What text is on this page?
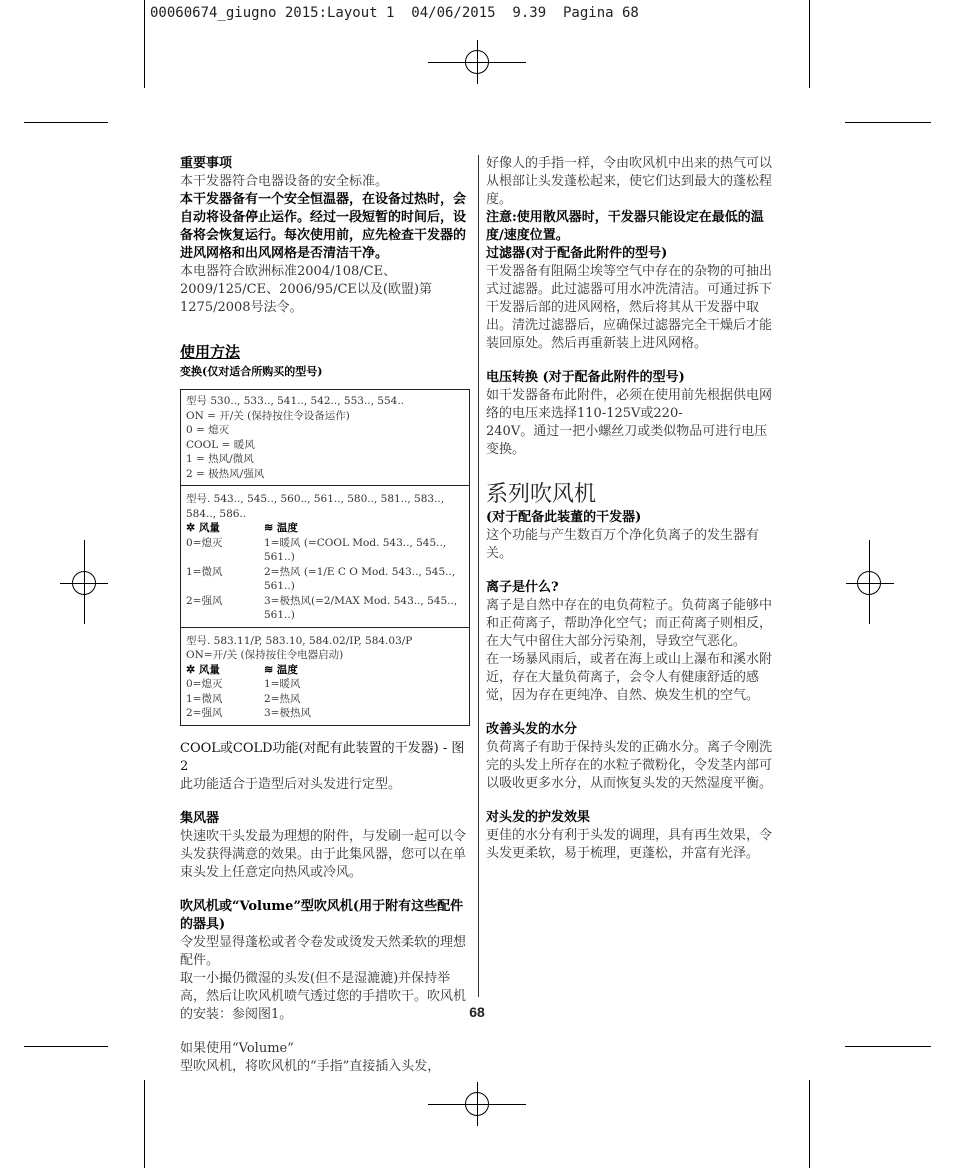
00060674_giugno 2015:Layout 1  04/06/2015  9.39  Pagina 68
重要事项
本干发器符合电器设备的安全标准。
本干发器备有一个安全恒温器，在设备过热时，会自动将设备停止运作。经过一段短暂的时间后，设备将会恢复运行。每次使用前，应先检查干发器的进风网格和出风网格是否清洁干净。
本电器符合欧洲标准2004/108/CE、2009/125/CE、2006/95/CE以及(欧盟)第1275/2008号法令。
使用方法
变换(仅对适合所购买的型号)
型号 530.., 533.., 541.., 542.., 553.., 554..
ON = 开/关 (保持按住令设备运作)
0 = 熄灭
COOL = 暖风
1 = 热风/微风
2 = 极热风/强风
型号. 543.., 545.., 560.., 561.., 580.., 581.., 583.., 584.., 586..
✲ 风量	≋ 温度
0=熄灭	1=暖风 (=COOL Mod. 543.., 545.., 561..)
1=微风	2=热风 (=1/E C O Mod. 543.., 545.., 561..)
2=强风	3=极热风(=2/MAX Mod. 543.., 545.., 561..)
型号. 583.11/P, 583.10, 584.02/IP, 584.03/P
ON=开/关 (保持按住令电器启动)
✲ 风量	≋ 温度
0=熄灭	1=暖风
1=微风	2=热风
2=强风	3=极热风
COOL或COLD功能(对配有此装置的干发器) - 图2
此功能适合于造型后对头发进行定型。
集风器
快速吹干头发最为理想的附件，与发刷一起可以令头发获得满意的效果。由于此集风器，您可以在单束头发上任意定向热风或冷风。
吹风机或“Volume”型吹风机(用于附有这些配件的器具)
令发型显得蓬松或者令卷发或烫发天然柔软的理想配件。
取一小撮仍微湿的头发(但不是湿漉漉)并保持举高，然后让吹风机喷气透过您的手措吹干。吹风机的安装：参阅图1。
如果使用“Volume”
型吹风机，将吹风机的“手指”直接插入头发，
好像人的手指一样，令由吹风机中出来的热气可以从根部让头发蓬松起来，使它们达到最大的蓬松程度。
注意:使用散风器时，干发器只能设定在最低的温度/速度位置。
过滤器(对于配备此附件的型号)
干发器备有阻隔尘埃等空气中存在的杂物的可抽出式过滤器。此过滤器可用水冲洗清洁。可通过拆下干发器后部的进风网格，然后将其从干发器中取出。清洗过滤器后，应确保过滤器完全干燥后才能装回原处。然后再重新装上进风网格。
电压转换 (对于配备此附件的型号)
如干发器备布此附件，必须在使用前先根据供电网络的电压来选择110-125V或220-
240V。通过一把小螺丝刀或类似物品可进行电压变换。
系列吹风机
(对于配备此装董的干发器)
这个功能与产生数百万个净化负离子的发生器有关。
离子是什么?
离子是自然中存在的电负荷粒子。负荷离子能够中和正荷离子，帮助净化空气；而正荷离子则相反，在大气中留住大部分污染剂，导致空气恶化。
在一场暴风雨后，或者在海上或山上瀑布和溪水附近，存在大量负荷离子，会令人有健康舒适的感觉，因为存在更纯净、自然、焕发生机的空气。
改善头发的水分
负荷离子有助于保持头发的正确水分。离子令刚洗完的头发上所存在的水粒子微粉化，令发茎内部可以吸收更多水分，从而恢复头发的天然湿度平衡。
对头发的护发效果
更佳的水分有利于头发的调理，具有再生效果，令头发更柔软，易于梳理，更蓬松，并富有光泽。
68
